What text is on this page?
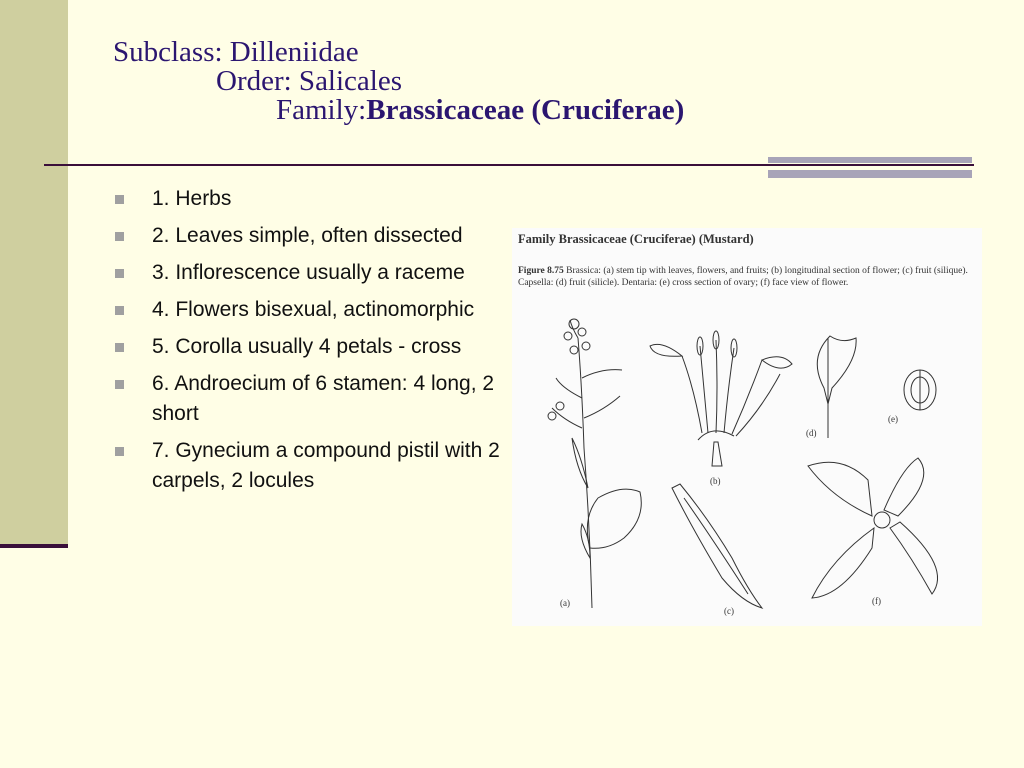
Subclass: Dilleniidae
Order: Salicales
Family:Brassicaceae (Cruciferae)
1. Herbs
2. Leaves simple, often dissected
3. Inflorescence usually a raceme
4. Flowers bisexual, actinomorphic
5. Corolla usually 4 petals - cross
6. Androecium of 6 stamen: 4 long, 2 short
7. Gynecium a compound pistil with 2 carpels, 2 locules
Family Brassicaceae (Cruciferae) (Mustard)
Figure 8.75 Brassica: (a) stem tip with leaves, flowers, and fruits; (b) longitudinal section of flower; (c) fruit (silique). Capsella: (d) fruit (silicle). Dentaria: (e) cross section of ovary; (f) face view of flower.
(a)
(b)
(c)
(d)
(e)
(f)
